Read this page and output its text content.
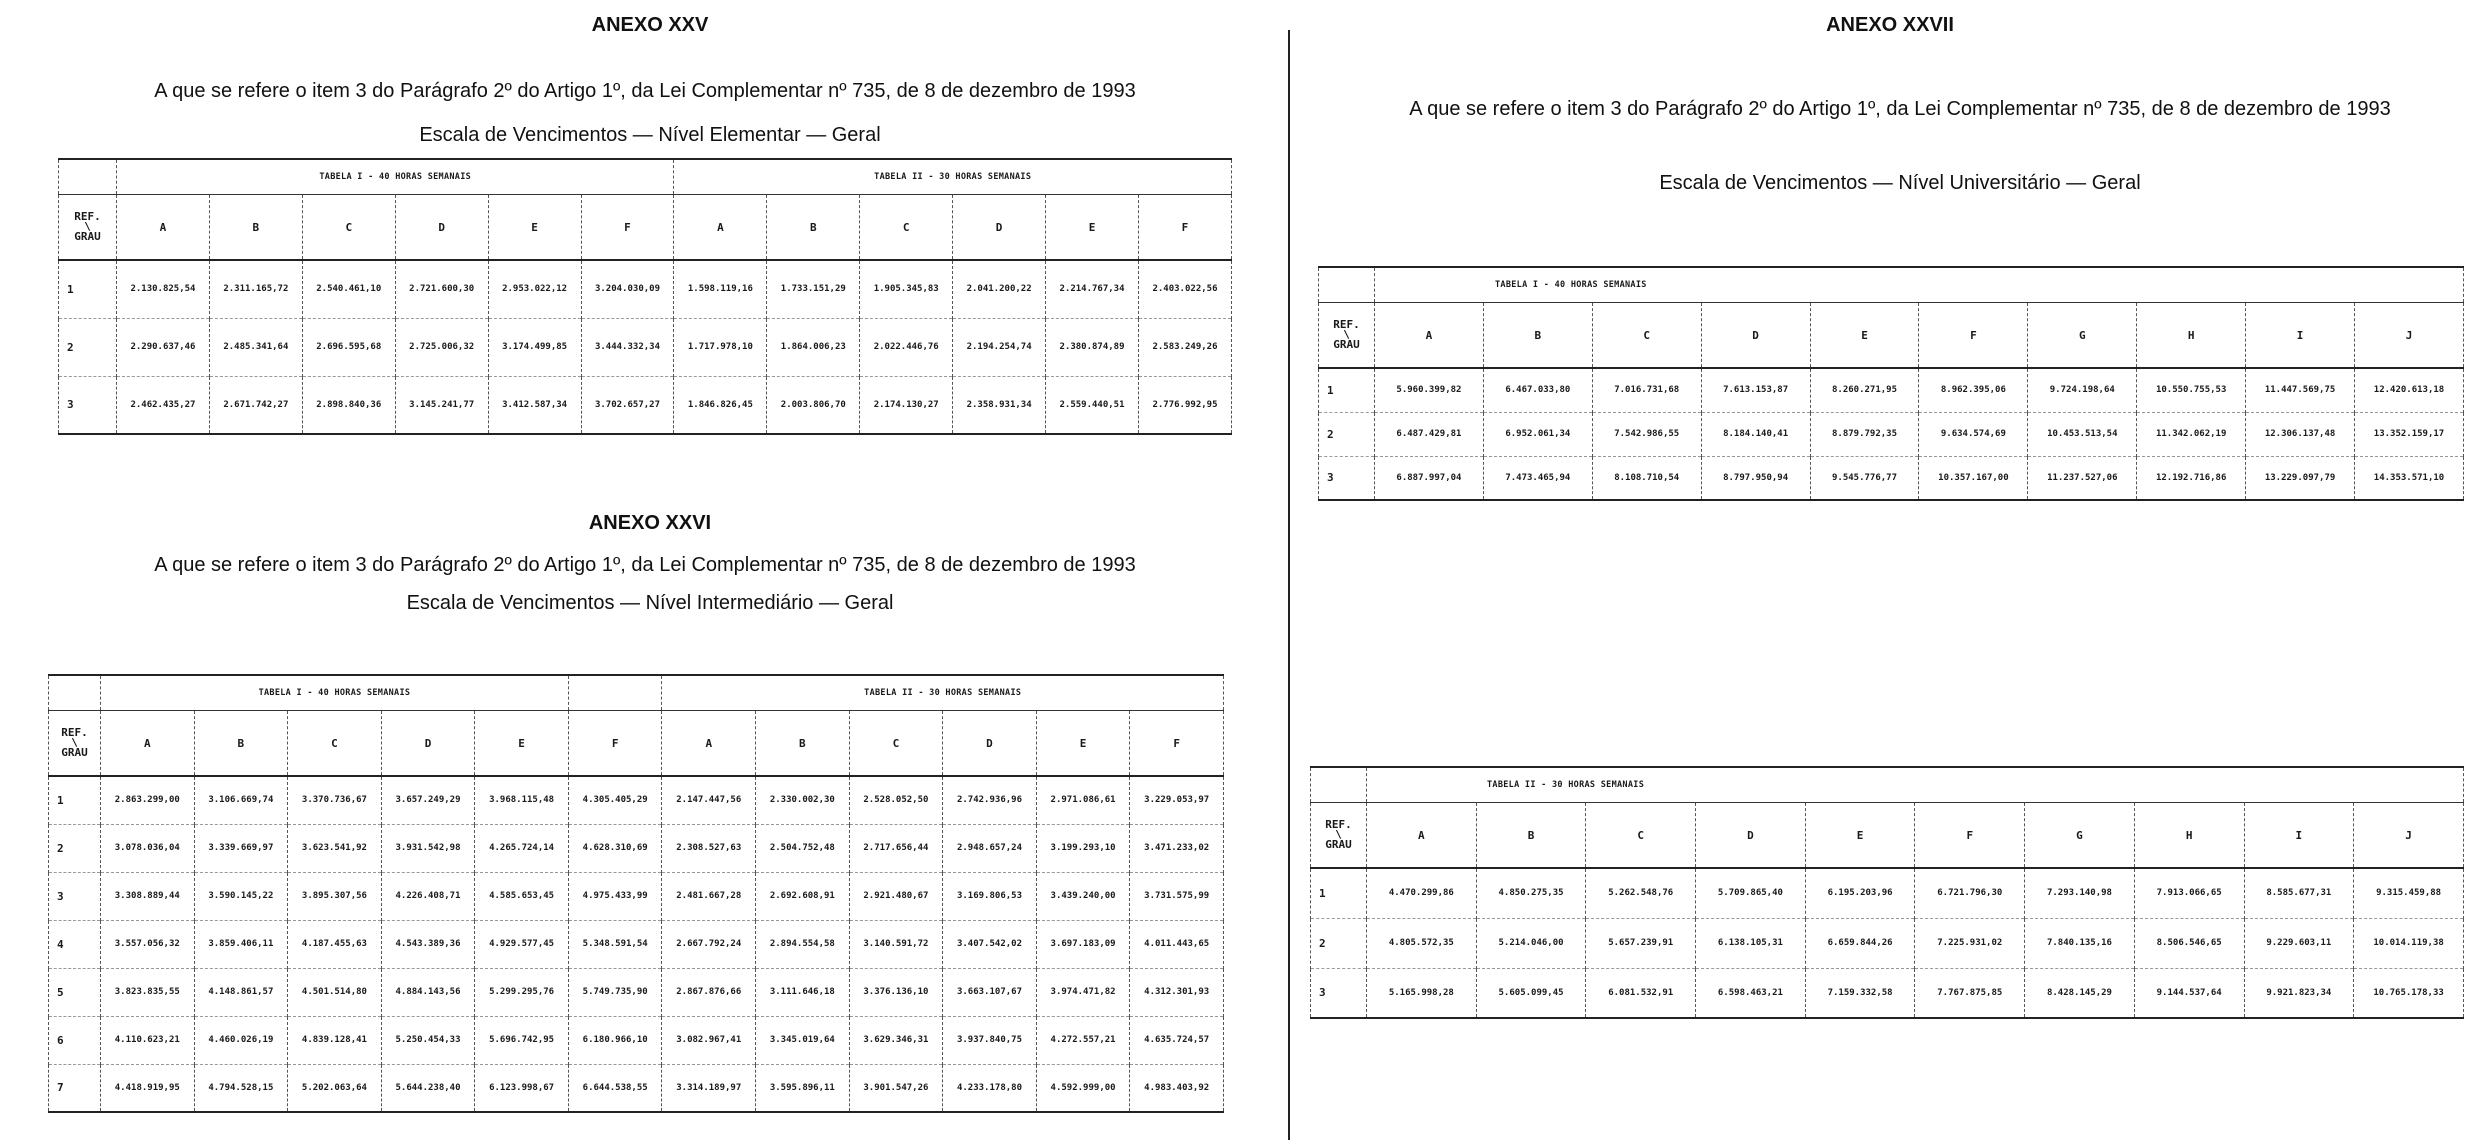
ANEXO XXV
A que se refere o item 3 do Parágrafo 2º do Artigo 1º, da Lei Complementar nº 735, de 8 de dezembro de 1993
Escala de Vencimentos — Nível Elementar — Geral
	TABELA I - 40 HORAS SEMANAIS						TABELA II - 30 HORAS SEMANAIS					

REF.
\
GRAU	A	B	C	D	E	F	A	B	C	D	E	F
1	2.130.825,54	2.311.165,72	2.540.461,10	2.721.600,30	2.953.022,12	3.204.030,09	1.598.119,16	1.733.151,29	1.905.345,83	2.041.200,22	2.214.767,34	2.403.022,56
2	2.290.637,46	2.485.341,64	2.696.595,68	2.725.006,32	3.174.499,85	3.444.332,34	1.717.978,10	1.864.006,23	2.022.446,76	2.194.254,74	2.380.874,89	2.583.249,26
3	2.462.435,27	2.671.742,27	2.898.840,36	3.145.241,77	3.412.587,34	3.702.657,27	1.846.826,45	2.003.806,70	2.174.130,27	2.358.931,34	2.559.440,51	2.776.992,95
ANEXO XXVI
A que se refere o item 3 do Parágrafo 2º do Artigo 1º, da Lei Complementar nº 735, de 8 de dezembro de 1993
Escala de Vencimentos — Nível Intermediário — Geral
	TABELA I - 40 HORAS SEMANAIS						TABELA II - 30 HORAS SEMANAIS					

REF.
\
GRAU	A	B	C	D	E	F	A	B	C	D	E	F
1	2.863.299,00	3.106.669,74	3.370.736,67	3.657.249,29	3.968.115,48	4.305.405,29	2.147.447,56	2.330.002,30	2.528.052,50	2.742.936,96	2.971.086,61	3.229.053,97
2	3.078.036,04	3.339.669,97	3.623.541,92	3.931.542,98	4.265.724,14	4.628.310,69	2.308.527,63	2.504.752,48	2.717.656,44	2.948.657,24	3.199.293,10	3.471.233,02
3	3.308.889,44	3.590.145,22	3.895.307,56	4.226.408,71	4.585.653,45	4.975.433,99	2.481.667,28	2.692.608,91	2.921.480,67	3.169.806,53	3.439.240,00	3.731.575,99
4	3.557.056,32	3.859.406,11	4.187.455,63	4.543.389,36	4.929.577,45	5.348.591,54	2.667.792,24	2.894.554,58	3.140.591,72	3.407.542,02	3.697.183,09	4.011.443,65
5	3.823.835,55	4.148.861,57	4.501.514,80	4.884.143,56	5.299.295,76	5.749.735,90	2.867.876,66	3.111.646,18	3.376.136,10	3.663.107,67	3.974.471,82	4.312.301,93
6	4.110.623,21	4.460.026,19	4.839.128,41	5.250.454,33	5.696.742,95	6.180.966,10	3.082.967,41	3.345.019,64	3.629.346,31	3.937.840,75	4.272.557,21	4.635.724,57
7	4.418.919,95	4.794.528,15	5.202.063,64	5.644.238,40	6.123.998,67	6.644.538,55	3.314.189,97	3.595.896,11	3.901.547,26	4.233.178,80	4.592.999,00	4.983.403,92
ANEXO XXVII
A que se refere o item 3 do Parágrafo 2º do Artigo 1º, da Lei Complementar nº 735, de 8 de dezembro de 1993
Escala de Vencimentos — Nível Universitário — Geral
	TABELA I - 40 HORAS SEMANAIS									

REF.
\
GRAU	A	B	C	D	E	F	G	H	I	J
1	5.960.399,82	6.467.033,80	7.016.731,68	7.613.153,87	8.260.271,95	8.962.395,06	9.724.198,64	10.550.755,53	11.447.569,75	12.420.613,18
2	6.487.429,81	6.952.061,34	7.542.986,55	8.184.140,41	8.879.792,35	9.634.574,69	10.453.513,54	11.342.062,19	12.306.137,48	13.352.159,17
3	6.887.997,04	7.473.465,94	8.108.710,54	8.797.950,94	9.545.776,77	10.357.167,00	11.237.527,06	12.192.716,86	13.229.097,79	14.353.571,10
	TABELA II - 30 HORAS SEMANAIS									

REF.
\
GRAU	A	B	C	D	E	F	G	H	I	J
1	4.470.299,86	4.850.275,35	5.262.548,76	5.709.865,40	6.195.203,96	6.721.796,30	7.293.140,98	7.913.066,65	8.585.677,31	9.315.459,88
2	4.805.572,35	5.214.046,00	5.657.239,91	6.138.105,31	6.659.844,26	7.225.931,02	7.840.135,16	8.506.546,65	9.229.603,11	10.014.119,38
3	5.165.998,28	5.605.099,45	6.081.532,91	6.598.463,21	7.159.332,58	7.767.875,85	8.428.145,29	9.144.537,64	9.921.823,34	10.765.178,33
